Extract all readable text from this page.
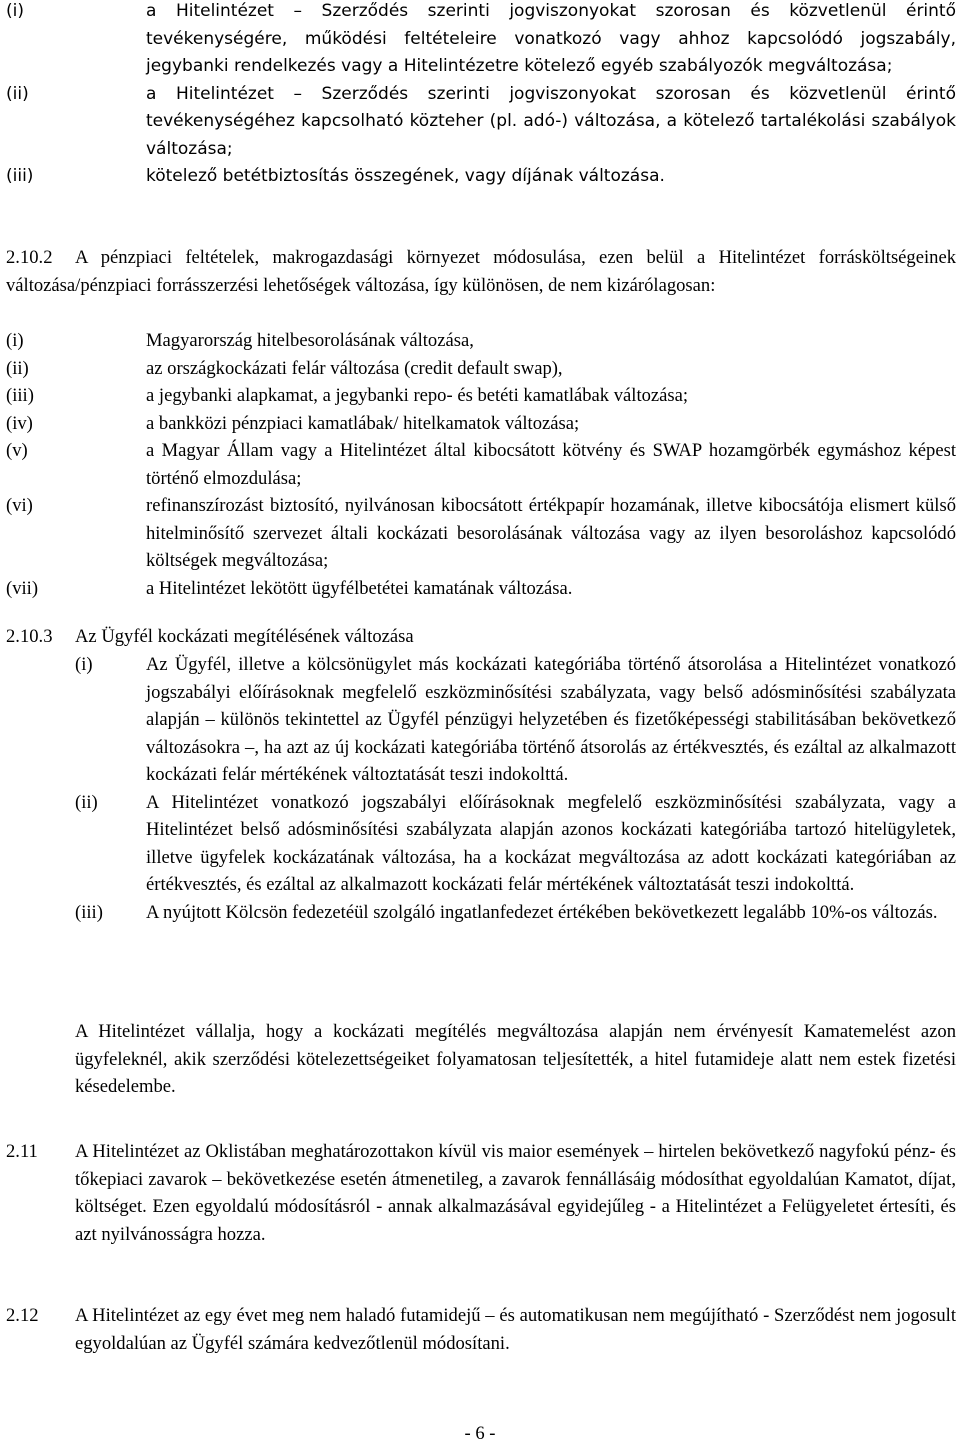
(i)	a Hitelintézet – Szerződés szerinti jogviszonyokat szorosan és közvetlenül érintő tevékenységére, működési feltételeire vonatkozó vagy ahhoz kapcsolódó jogszabály, jegybanki rendelkezés vagy a Hitelintézetre kötelező egyéb szabályozók megváltozása;
(ii)	a Hitelintézet – Szerződés szerinti jogviszonyokat szorosan és közvetlenül érintő tevékenységéhez kapcsolható közteher (pl. adó-) változása, a kötelező tartalékolási szabályok változása;
(iii)	kötelező betétbiztosítás összegének, vagy díjának változása.
2.10.2	A pénzpiaci feltételek, makrogazdasági környezet módosulása, ezen belül a Hitelintézet forrásköltségeinek változása/pénzpiaci forrásszerzési lehetőségek változása, így különösen, de nem kizárólagosan:
(i)	Magyarország hitelbesorolásának változása,
(ii)	az országkockázati felár változása (credit default swap),
(iii)	a jegybanki alapkamat, a jegybanki repo- és betéti kamatlábak változása;
(iv)	a bankközi pénzpiaci kamatlábak/ hitelkamatok változása;
(v)	a Magyar Állam vagy a Hitelintézet által kibocsátott kötvény és SWAP hozamgörbék egymáshoz képest történő elmozdulása;
(vi)	refinanszírozást biztosító, nyilvánosan kibocsátott értékpapír hozamának, illetve kibocsátója elismert külső hitelminősítő szervezet általi kockázati besorolásának változása vagy az ilyen besoroláshoz kapcsolódó költségek megváltozása;
(vii)	a Hitelintézet lekötött ügyfélbetétei kamatának változása.
2.10.3 Az Ügyfél kockázati megítélésének változása
(i)	Az Ügyfél, illetve a kölcsönügylet más kockázati kategóriába történő átsorolása a Hitelintézet vonatkozó jogszabályi előírásoknak megfelelő eszközminősítési szabályzata, vagy belső adósminősítési szabályzata alapján – különös tekintettel az Ügyfél pénzügyi helyzetében és fizetőképességi stabilitásában bekövetkező változásokra –, ha azt az új kockázati kategóriába történő átsorolás az értékvesztés, és ezáltal az alkalmazott kockázati felár mértékének változtatását teszi indokolttá.
(ii)	A Hitelintézet vonatkozó jogszabályi előírásoknak megfelelő eszközminősítési szabályzata, vagy a Hitelintézet belső adósminősítési szabályzata alapján azonos kockázati kategóriába tartozó hitelügyletek, illetve ügyfelek kockázatának változása, ha a kockázat megváltozása az adott kockázati kategóriában az értékvesztés, és ezáltal az alkalmazott kockázati felár mértékének változtatását teszi indokolttá.
(iii) A nyújtott Kölcsön fedezetéül szolgáló ingatlanfedezet értékében bekövetkezett legalább 10%-os változás.
A Hitelintézet vállalja, hogy a kockázati megítélés megváltozása alapján nem érvényesít Kamatemelést azon ügyfeleknél, akik szerződési kötelezettségeiket folyamatosan teljesítették, a hitel futamideje alatt nem estek fizetési késedelembe.
2.11 A Hitelintézet az Oklistában meghatározottakon kívül vis maior események – hirtelen bekövetkező nagyfokú pénz- és tőkepiaci zavarok – bekövetkezése esetén átmenetileg, a zavarok fennállásáig módosíthat egyoldalúan Kamatot, díjat, költséget. Ezen egyoldalú módosításról - annak alkalmazásával egyidejűleg - a Hitelintézet a Felügyeletet értesíti, és azt nyilvánosságra hozza.
2.12 A Hitelintézet az egy évet meg nem haladó futamidejű – és automatikusan nem megújítható - Szerződést nem jogosult egyoldalúan az Ügyfél számára kedvezőtlenül módosítani.
- 6 -
